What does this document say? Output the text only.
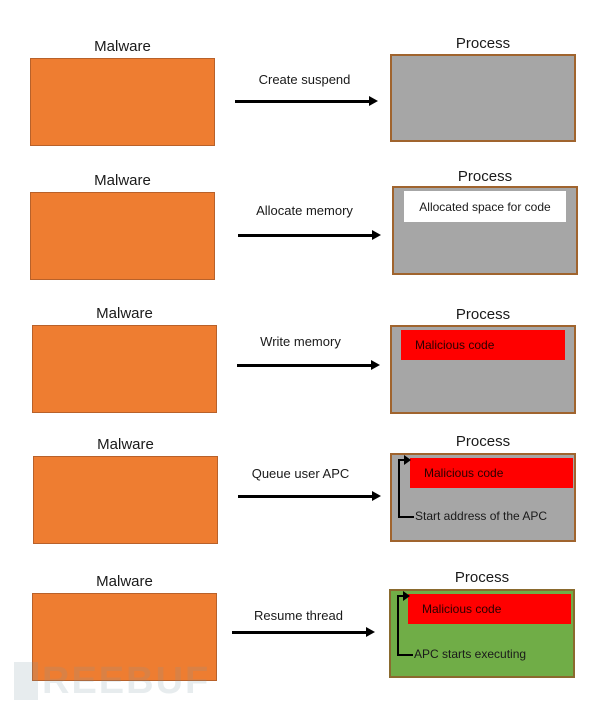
Malware
Create suspend
Process
Malware
Allocate memory
Process
Allocated space for code
Malware
Write memory
Process
Malicious code
Malware
Queue user APC
Process
Malicious code
Start address of the APC
Malware
Resume thread
Process
Malicious code
APC starts executing
REEBUF
